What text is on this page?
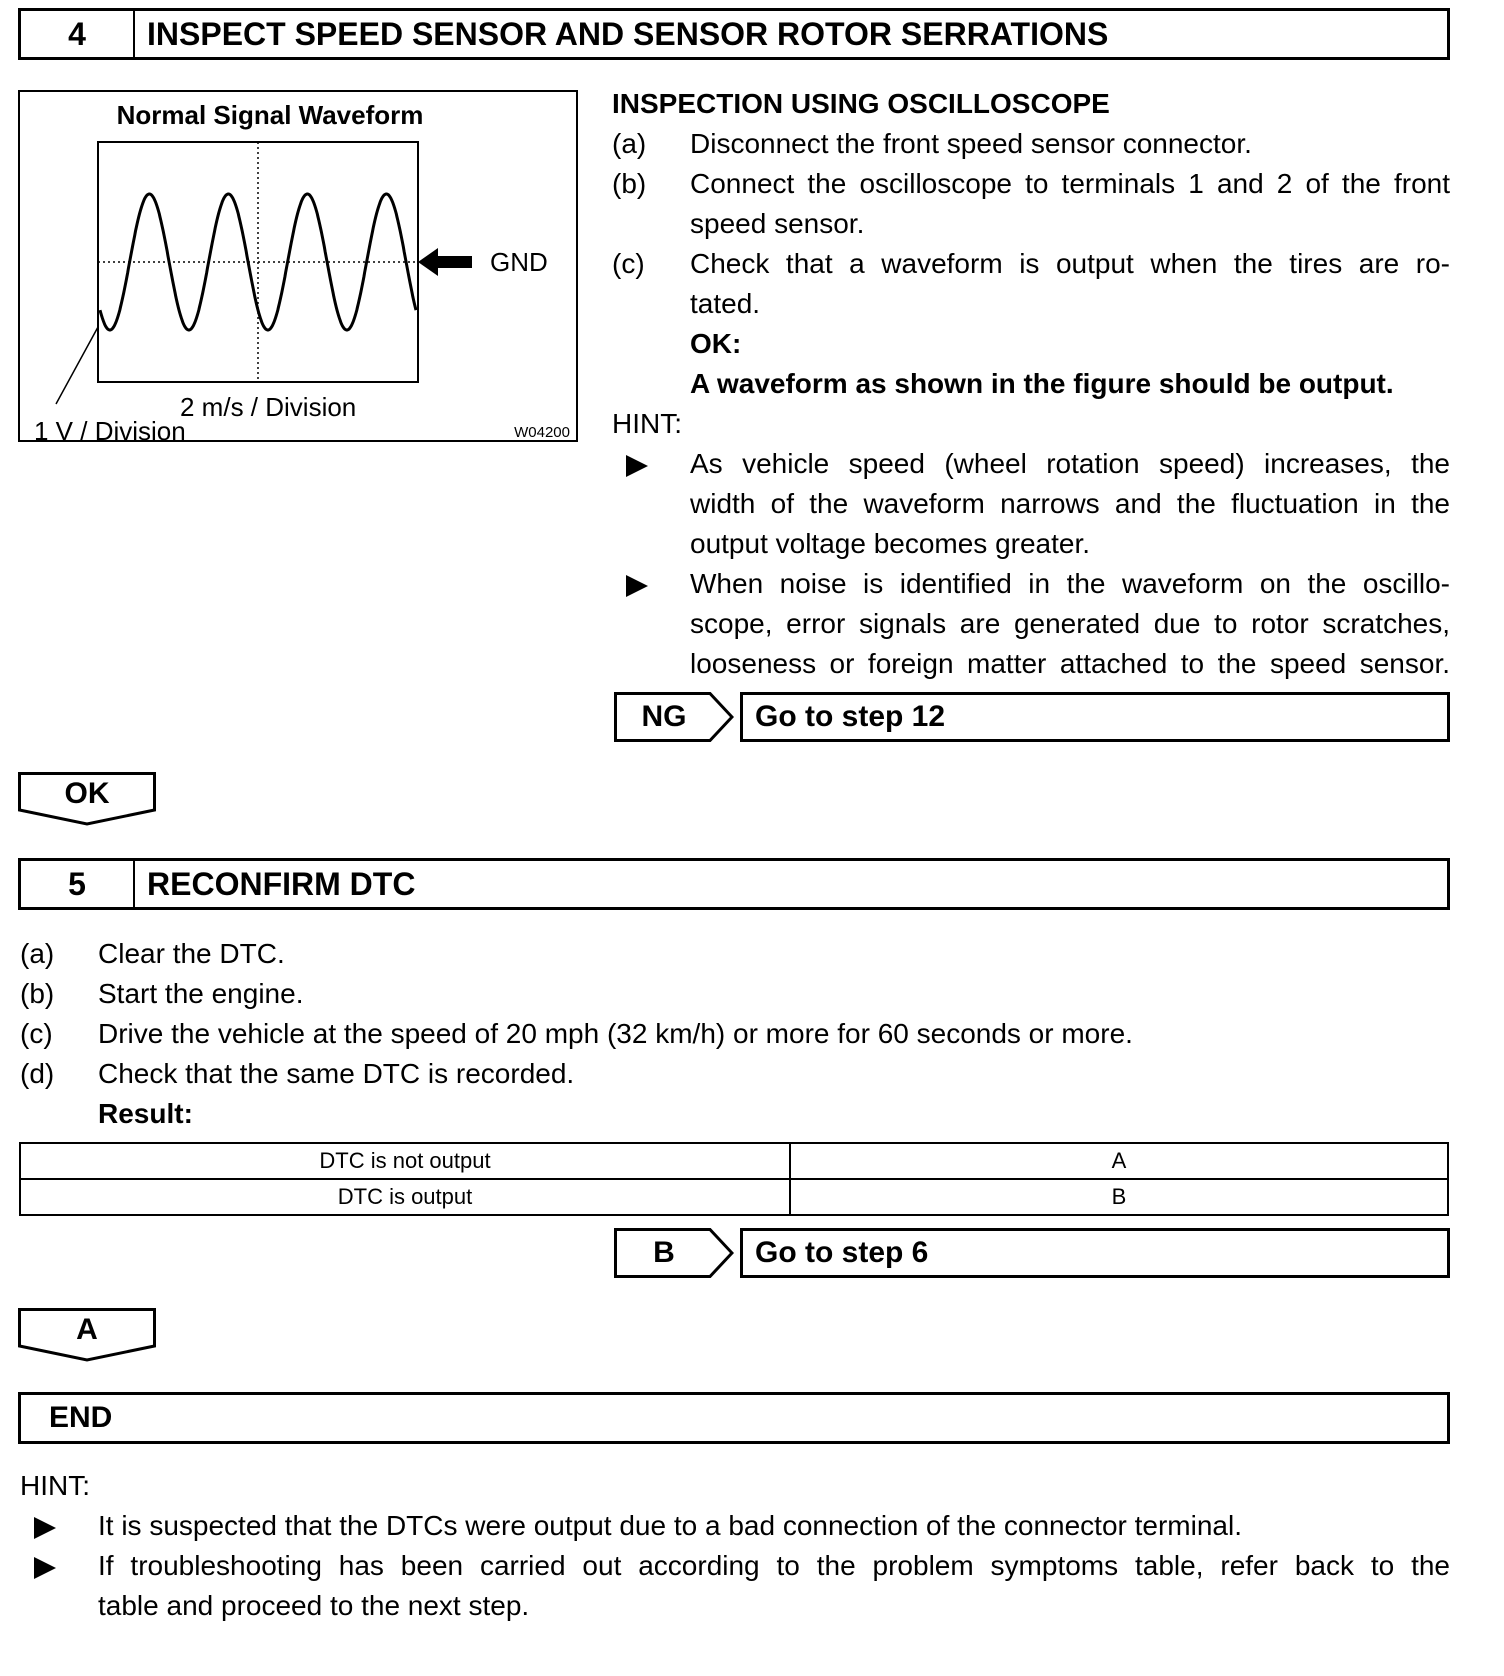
4	INSPECT SPEED SENSOR AND SENSOR ROTOR SERRATIONS
Normal Signal Waveform
GND
2 m/s / Division
1 V / Division	W04200
INSPECTION USING OSCILLOSCOPE
(a) Disconnect the front speed sensor connector.
(b) Connect the oscilloscope to terminals 1 and 2 of the front
speed sensor.
(c) Check that a waveform is output when the tires are ro-
tated.
OK:
A waveform as shown in the figure should be output.
HINT:
As vehicle speed (wheel rotation speed) increases, the
width of the waveform narrows and the fluctuation in the
output voltage becomes greater.
When noise is identified in the waveform on the oscillo-
scope, error signals are generated due to rotor scratches,
looseness or foreign matter attached to the speed sensor.
NG	Go to step 12
OK
5	RECONFIRM DTC
(a) Clear the DTC.
(b) Start the engine.
(c) Drive the vehicle at the speed of 20 mph (32 km/h) or more for 60 seconds or more.
(d) Check that the same DTC is recorded.
Result:
DTC is not output	A
DTC is output	B
B	Go to step 6
A
END
HINT:
It is suspected that the DTCs were output due to a bad connection of the connector terminal.
If troubleshooting has been carried out according to the problem symptoms table, refer back to the
table and proceed to the next step.
